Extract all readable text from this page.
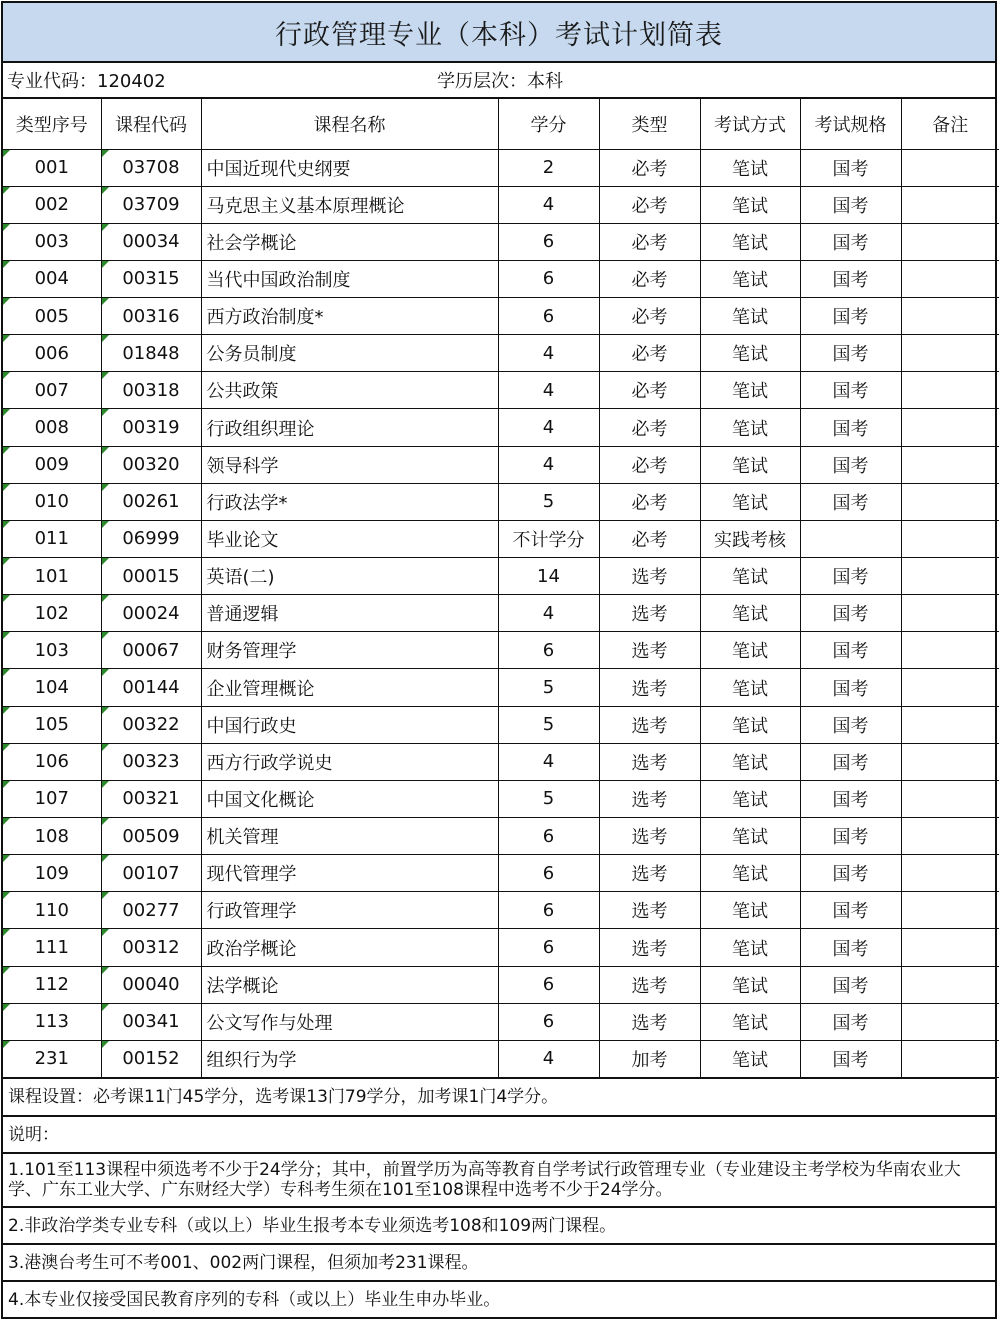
行政管理专业（本科）考试计划简表
专业代码：120402	学历层次：本科
类型序号	课程代码	课程名称	学分	类型	考试方式	考试规格	备注
001	03708	中国近现代史纲要	2	必考	笔试	国考	
002	03709	马克思主义基本原理概论	4	必考	笔试	国考	
003	00034	社会学概论	6	必考	笔试	国考	
004	00315	当代中国政治制度	6	必考	笔试	国考	
005	00316	西方政治制度*	6	必考	笔试	国考	
006	01848	公务员制度	4	必考	笔试	国考	
007	00318	公共政策	4	必考	笔试	国考	
008	00319	行政组织理论	4	必考	笔试	国考	
009	00320	领导科学	4	必考	笔试	国考	
010	00261	行政法学*	5	必考	笔试	国考	
011	06999	毕业论文	不计学分	必考	实践考核		
101	00015	英语(二)	14	选考	笔试	国考	
102	00024	普通逻辑	4	选考	笔试	国考	
103	00067	财务管理学	6	选考	笔试	国考	
104	00144	企业管理概论	5	选考	笔试	国考	
105	00322	中国行政史	5	选考	笔试	国考	
106	00323	西方行政学说史	4	选考	笔试	国考	
107	00321	中国文化概论	5	选考	笔试	国考	
108	00509	机关管理	6	选考	笔试	国考	
109	00107	现代管理学	6	选考	笔试	国考	
110	00277	行政管理学	6	选考	笔试	国考	
111	00312	政治学概论	6	选考	笔试	国考	
112	00040	法学概论	6	选考	笔试	国考	
113	00341	公文写作与处理	6	选考	笔试	国考	
231	00152	组织行为学	4	加考	笔试	国考	
课程设置：必考课11门45学分，选考课13门79学分，加考课1门4学分。
说明：
1.101至113课程中须选考不少于24学分；其中，前置学历为高等教育自学考试行政管理专业（专业建设主考学校为华南农业大学、广东工业大学、广东财经大学）专科考生须在101至108课程中选考不少于24学分。
2.非政治学类专业专科（或以上）毕业生报考本专业须选考108和109两门课程。
3.港澳台考生可不考001、002两门课程，但须加考231课程。
4.本专业仅接受国民教育序列的专科（或以上）毕业生申办毕业。
